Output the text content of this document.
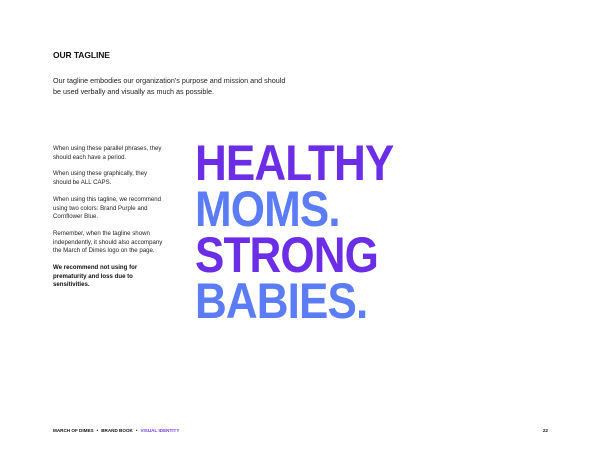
OUR TAGLINE

Our tagline embodies our organization's purpose and mission and should be used verbally and visually as much as possible.

When using these parallel phrases, they should each have a period.

When using these graphically, they should be ALL CAPS.

When using this tagline, we recommend using two colors: Brand Purple and Cornflower Blue.

Remember, when the tagline shown independently, it should also accompany the March of Dimes logo on the page.

We recommend not using for prematurity and loss due to sensitivities.

HEALTHY
MOMS.
STRONG
BABIES.
MARCH OF DIMES • BRAND BOOK • VISUAL IDENTITY	22
